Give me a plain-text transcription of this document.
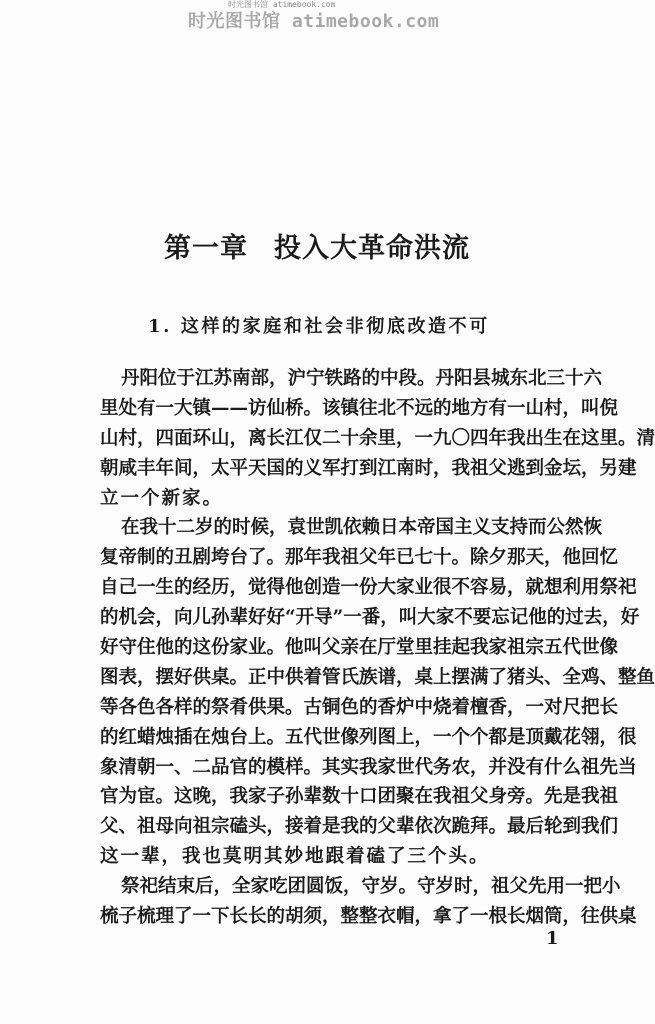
时光图书馆 atimebook.com
时光图书馆 atimebook.com
第一章 投入大革命洪流
1. 这样的家庭和社会非彻底改造不可
丹阳位于江苏南部，沪宁铁路的中段。丹阳县城东北三十六
里处有一大镇——访仙桥。该镇往北不远的地方有一山村，叫倪
山村，四面环山，离长江仅二十余里，一九〇四年我出生在这里。清
朝咸丰年间，太平天国的义军打到江南时，我祖父逃到金坛，另建
立一个新家。
在我十二岁的时候，袁世凯依赖日本帝国主义支持而公然恢
复帝制的丑剧垮台了。那年我祖父年已七十。除夕那天，他回忆
自己一生的经历，觉得他创造一份大家业很不容易，就想利用祭祀
的机会，向儿孙辈好好“开导”一番，叫大家不要忘记他的过去，好
好守住他的这份家业。他叫父亲在厅堂里挂起我家祖宗五代世像
图表，摆好供桌。正中供着管氏族谱，桌上摆满了猪头、全鸡、整鱼
等各色各样的祭肴供果。古铜色的香炉中烧着檀香，一对尺把长
的红蜡烛插在烛台上。五代世像列图上，一个个都是顶戴花翎，很
象清朝一、二品官的模样。其实我家世代务农，并没有什么祖先当
官为宦。这晚，我家子孙辈数十口团聚在我祖父身旁。先是我祖
父、祖母向祖宗磕头，接着是我的父辈依次跪拜。最后轮到我们
这一辈，我也莫明其妙地跟着磕了三个头。
祭祀结束后，全家吃团圆饭，守岁。守岁时，祖父先用一把小
梳子梳理了一下长长的胡须，整整衣帽，拿了一根长烟筒，往供桌
1
